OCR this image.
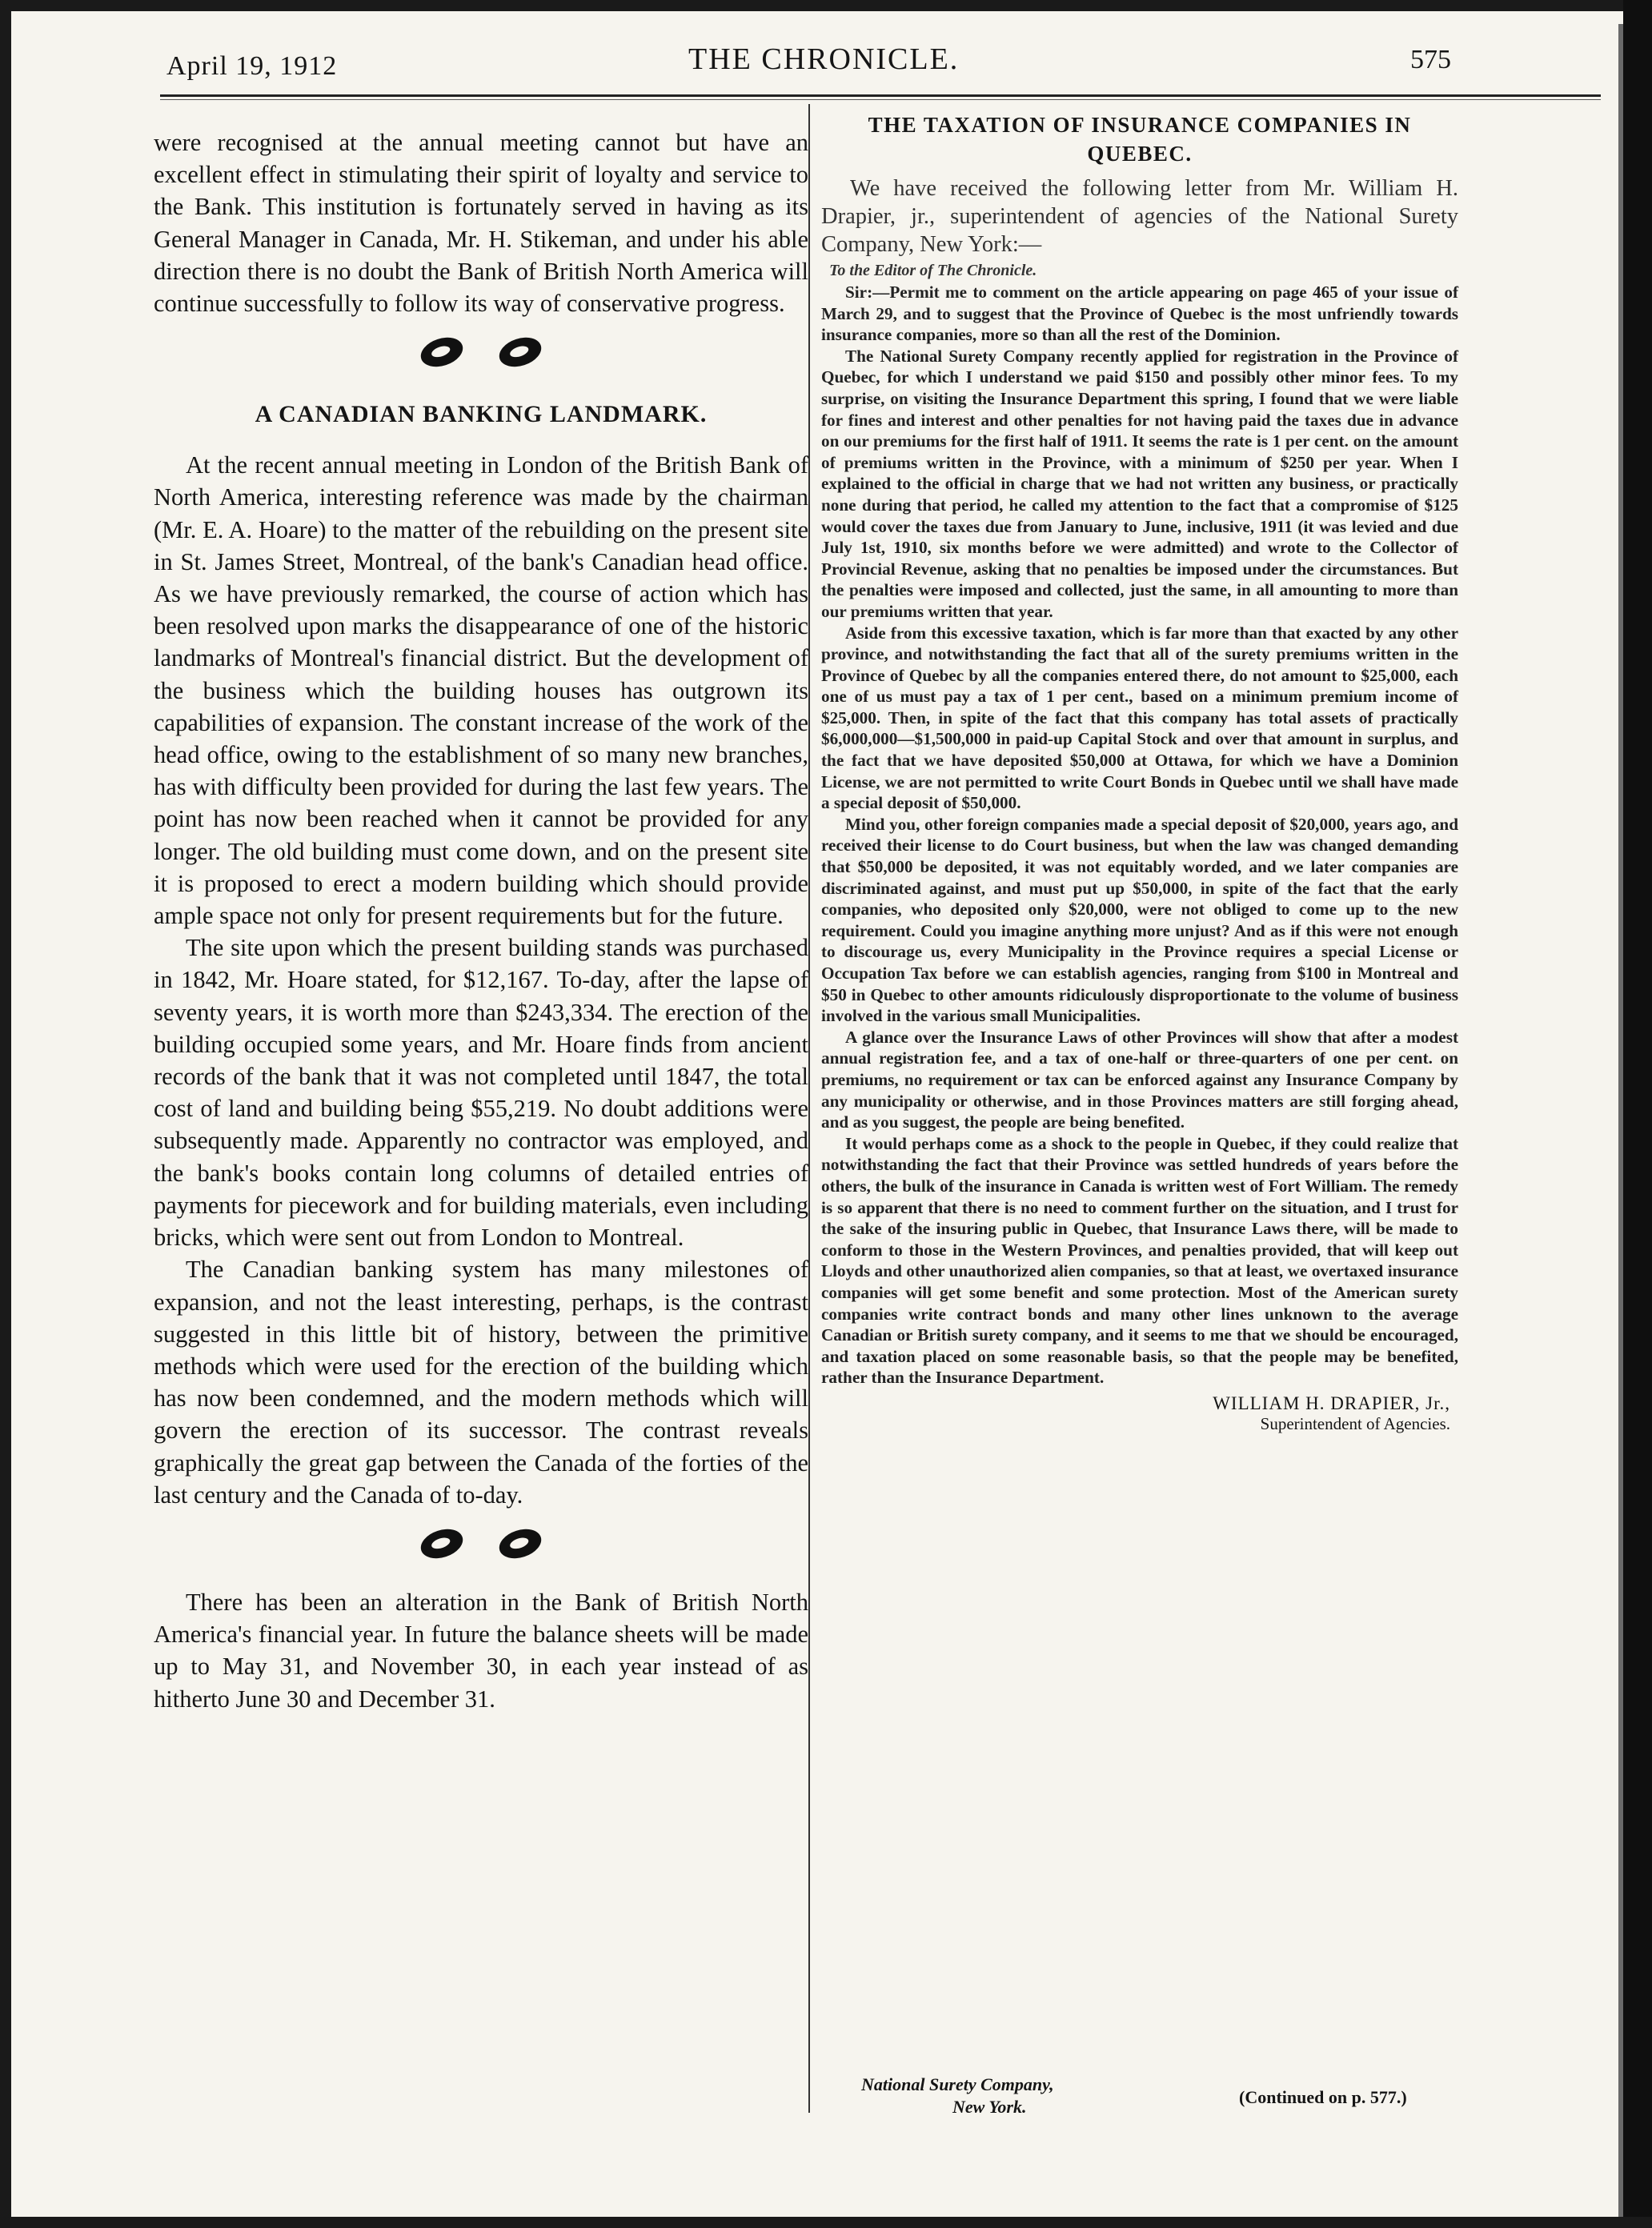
April 19, 1912	THE CHRONICLE.	575

were recognised at the annual meeting cannot but have an excellent effect in stimulating their spirit of loyalty and service to the Bank. This institution is fortunately served in having as its General Manager in Canada, Mr. H. Stikeman, and under his able direction there is no doubt the Bank of British North America will continue successfully to follow its way of conservative progress.

A CANADIAN BANKING LANDMARK.

At the recent annual meeting in London of the British Bank of North America, interesting reference was made by the chairman (Mr. E. A. Hoare) to the matter of the rebuilding on the present site in St. James Street, Montreal, of the bank's Canadian head office. As we have previously remarked, the course of action which has been resolved upon marks the disappearance of one of the historic landmarks of Montreal's financial district. But the development of the business which the building houses has outgrown its capabilities of expansion. The constant increase of the work of the head office, owing to the establishment of so many new branches, has with difficulty been provided for during the last few years. The point has now been reached when it cannot be provided for any longer. The old building must come down, and on the present site it is proposed to erect a modern building which should provide ample space not only for present requirements but for the future.

The site upon which the present building stands was purchased in 1842, Mr. Hoare stated, for $12,167. To-day, after the lapse of seventy years, it is worth more than $243,334. The erection of the building occupied some years, and Mr. Hoare finds from ancient records of the bank that it was not completed until 1847, the total cost of land and building being $55,219. No doubt additions were subsequently made. Apparently no contractor was employed, and the bank's books contain long columns of detailed entries of payments for piecework and for building materials, even including bricks, which were sent out from London to Montreal.

The Canadian banking system has many milestones of expansion, and not the least interesting, perhaps, is the contrast suggested in this little bit of history, between the primitive methods which were used for the erection of the building which has now been condemned, and the modern methods which will govern the erection of its successor. The contrast reveals graphically the great gap between the Canada of the forties of the last century and the Canada of to-day.

There has been an alteration in the Bank of British North America's financial year. In future the balance sheets will be made up to May 31, and November 30, in each year instead of as hitherto June 30 and December 31.

THE TAXATION OF INSURANCE COMPANIES IN QUEBEC.

We have received the following letter from Mr. William H. Drapier, jr., superintendent of agencies of the National Surety Company, New York:—

To the Editor of The Chronicle.

Sir:—Permit me to comment on the article appearing on page 465 of your issue of March 29, and to suggest that the Province of Quebec is the most unfriendly towards insurance companies, more so than all the rest of the Dominion.

The National Surety Company recently applied for registration in the Province of Quebec, for which I understand we paid $150 and possibly other minor fees. To my surprise, on visiting the Insurance Department this spring, I found that we were liable for fines and interest and other penalties for not having paid the taxes due in advance on our premiums for the first half of 1911. It seems the rate is 1 per cent. on the amount of premiums written in the Province, with a minimum of $250 per year. When I explained to the official in charge that we had not written any business, or practically none during that period, he called my attention to the fact that a compromise of $125 would cover the taxes due from January to June, inclusive, 1911 (it was levied and due July 1st, 1910, six months before we were admitted) and wrote to the Collector of Provincial Revenue, asking that no penalties be imposed under the circumstances. But the penalties were imposed and collected, just the same, in all amounting to more than our premiums written that year.

Aside from this excessive taxation, which is far more than that exacted by any other province, and notwithstanding the fact that all of the surety premiums written in the Province of Quebec by all the companies entered there, do not amount to $25,000, each one of us must pay a tax of 1 per cent., based on a minimum premium income of $25,000. Then, in spite of the fact that this company has total assets of practically $6,000,000—$1,500,000 in paid-up Capital Stock and over that amount in surplus, and the fact that we have deposited $50,000 at Ottawa, for which we have a Dominion License, we are not permitted to write Court Bonds in Quebec until we shall have made a special deposit of $50,000.

Mind you, other foreign companies made a special deposit of $20,000, years ago, and received their license to do Court business, but when the law was changed demanding that $50,000 be deposited, it was not equitably worded, and we later companies are discriminated against, and must put up $50,000, in spite of the fact that the early companies, who deposited only $20,000, were not obliged to come up to the new requirement. Could you imagine anything more unjust? And as if this were not enough to discourage us, every Municipality in the Province requires a special License or Occupation Tax before we can establish agencies, ranging from $100 in Montreal and $50 in Quebec to other amounts ridiculously disproportionate to the volume of business involved in the various small Municipalities.

A glance over the Insurance Laws of other Provinces will show that after a modest annual registration fee, and a tax of one-half or three-quarters of one per cent. on premiums, no requirement or tax can be enforced against any Insurance Company by any municipality or otherwise, and in those Provinces matters are still forging ahead, and as you suggest, the people are being benefited.

It would perhaps come as a shock to the people in Quebec, if they could realize that notwithstanding the fact that their Province was settled hundreds of years before the others, the bulk of the insurance in Canada is written west of Fort William. The remedy is so apparent that there is no need to comment further on the situation, and I trust for the sake of the insuring public in Quebec, that Insurance Laws there, will be made to conform to those in the Western Provinces, and penalties provided, that will keep out Lloyds and other unauthorized alien companies, so that at least, we overtaxed insurance companies will get some benefit and some protection. Most of the American surety companies write contract bonds and many other lines unknown to the average Canadian or British surety company, and it seems to me that we should be encouraged, and taxation placed on some reasonable basis, so that the people may be benefited, rather than the Insurance Department.

WILLIAM H. DRAPIER, Jr.,
Superintendent of Agencies.
National Surety Company,
New York.	(Continued on p. 577.)
